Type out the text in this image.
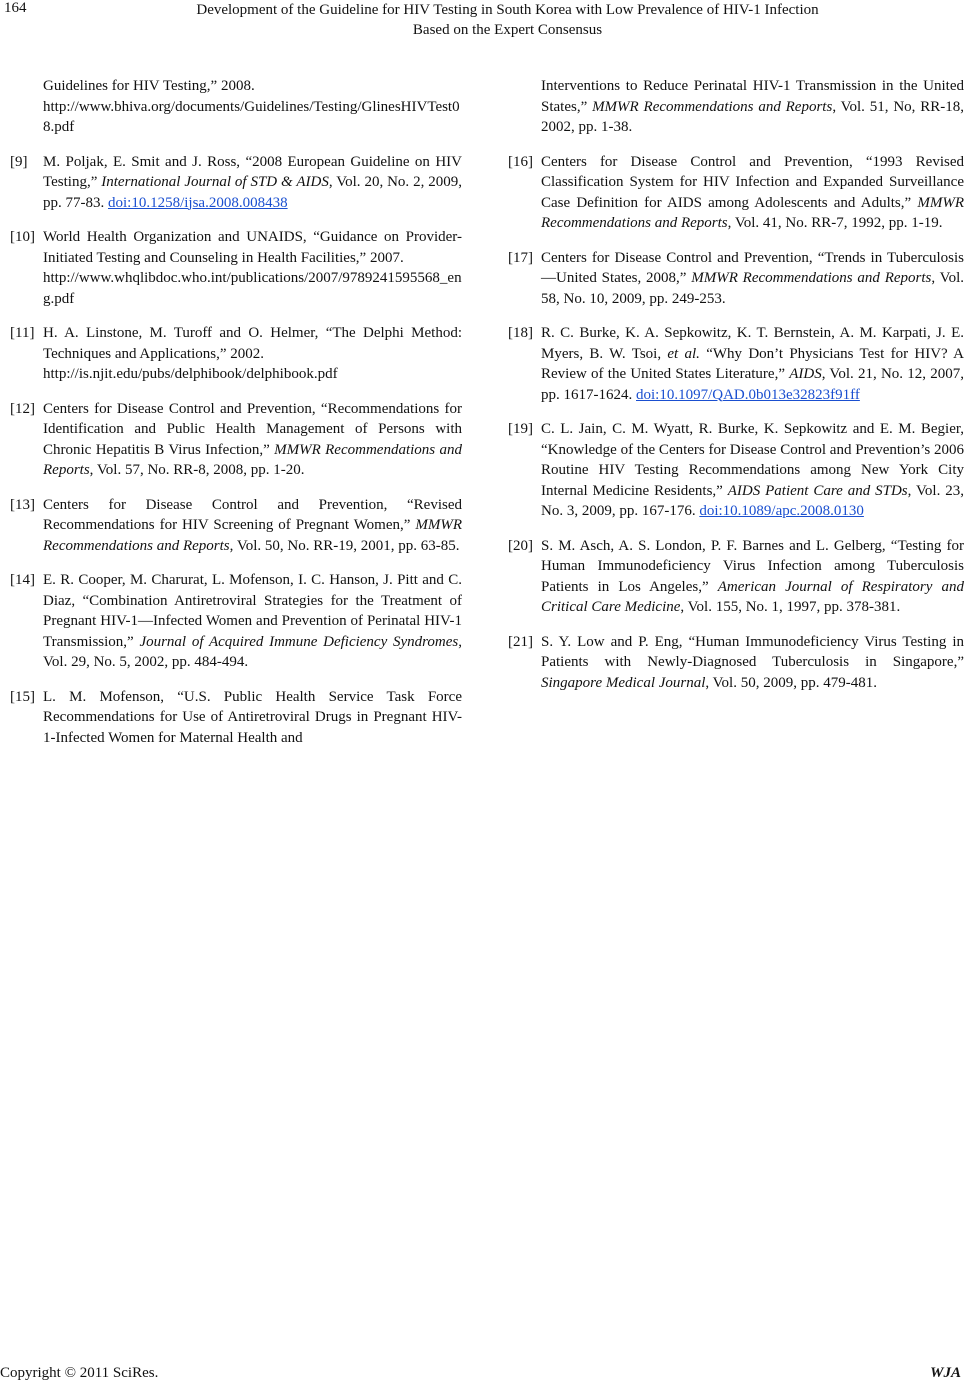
164	Development of the Guideline for HIV Testing in South Korea with Low Prevalence of HIV-1 Infection
Based on the Expert Consensus
Guidelines for HIV Testing,” 2008.
http://www.bhiva.org/documents/Guidelines/Testing/GlinesHIVTest08.pdf
[9]	M. Poljak, E. Smit and J. Ross, “2008 European Guideline on HIV Testing,” International Journal of STD & AIDS, Vol. 20, No. 2, 2009, pp. 77-83. doi:10.1258/ijsa.2008.008438
[10] World Health Organization and UNAIDS, “Guidance on Provider-Initiated Testing and Counseling in Health Facilities,” 2007.
http://www.whqlibdoc.who.int/publications/2007/9789241595568_eng.pdf
[11] H. A. Linstone, M. Turoff and O. Helmer, “The Delphi Method: Techniques and Applications,” 2002.
http://is.njit.edu/pubs/delphibook/delphibook.pdf
[12] Centers for Disease Control and Prevention, “Recommendations for Identification and Public Health Management of Persons with Chronic Hepatitis B Virus Infection,” MMWR Recommendations and Reports, Vol. 57, No. RR-8, 2008, pp. 1-20.
[13] Centers for Disease Control and Prevention, “Revised Recommendations for HIV Screening of Pregnant Women,” MMWR Recommendations and Reports, Vol. 50, No. RR-19, 2001, pp. 63-85.
[14] E. R. Cooper, M. Charurat, L. Mofenson, I. C. Hanson, J. Pitt and C. Diaz, “Combination Antiretroviral Strategies for the Treatment of Pregnant HIV-1—Infected Women and Prevention of Perinatal HIV-1 Transmission,” Journal of Acquired Immune Deficiency Syndromes, Vol. 29, No. 5, 2002, pp. 484-494.
[15] L. M. Mofenson, “U.S. Public Health Service Task Force Recommendations for Use of Antiretroviral Drugs in Pregnant HIV-1-Infected Women for Maternal Health and
Interventions to Reduce Perinatal HIV-1 Transmission in the United States,” MMWR Recommendations and Reports, Vol. 51, No, RR-18, 2002, pp. 1-38.
[16] Centers for Disease Control and Prevention, “1993 Revised Classification System for HIV Infection and Expanded Surveillance Case Definition for AIDS among Adolescents and Adults,” MMWR Recommendations and Reports, Vol. 41, No. RR-7, 1992, pp. 1-19.
[17] Centers for Disease Control and Prevention, “Trends in Tuberculosis—United States, 2008,” MMWR Recommendations and Reports, Vol. 58, No. 10, 2009, pp. 249-253.
[18] R. C. Burke, K. A. Sepkowitz, K. T. Bernstein, A. M. Karpati, J. E. Myers, B. W. Tsoi, et al. “Why Don’t Physicians Test for HIV? A Review of the United States Literature,” AIDS, Vol. 21, No. 12, 2007, pp. 1617-1624. doi:10.1097/QAD.0b013e32823f91ff
[19] C. L. Jain, C. M. Wyatt, R. Burke, K. Sepkowitz and E. M. Begier, “Knowledge of the Centers for Disease Control and Prevention’s 2006 Routine HIV Testing Recommendations among New York City Internal Medicine Residents,” AIDS Patient Care and STDs, Vol. 23, No. 3, 2009, pp. 167-176. doi:10.1089/apc.2008.0130
[20] S. M. Asch, A. S. London, P. F. Barnes and L. Gelberg, “Testing for Human Immunodeficiency Virus Infection among Tuberculosis Patients in Los Angeles,” American Journal of Respiratory and Critical Care Medicine, Vol. 155, No. 1, 1997, pp. 378-381.
[21] S. Y. Low and P. Eng, “Human Immunodeficiency Virus Testing in Patients with Newly-Diagnosed Tuberculosis in Singapore,” Singapore Medical Journal, Vol. 50, 2009, pp. 479-481.
Copyright © 2011 SciRes.	WJA
